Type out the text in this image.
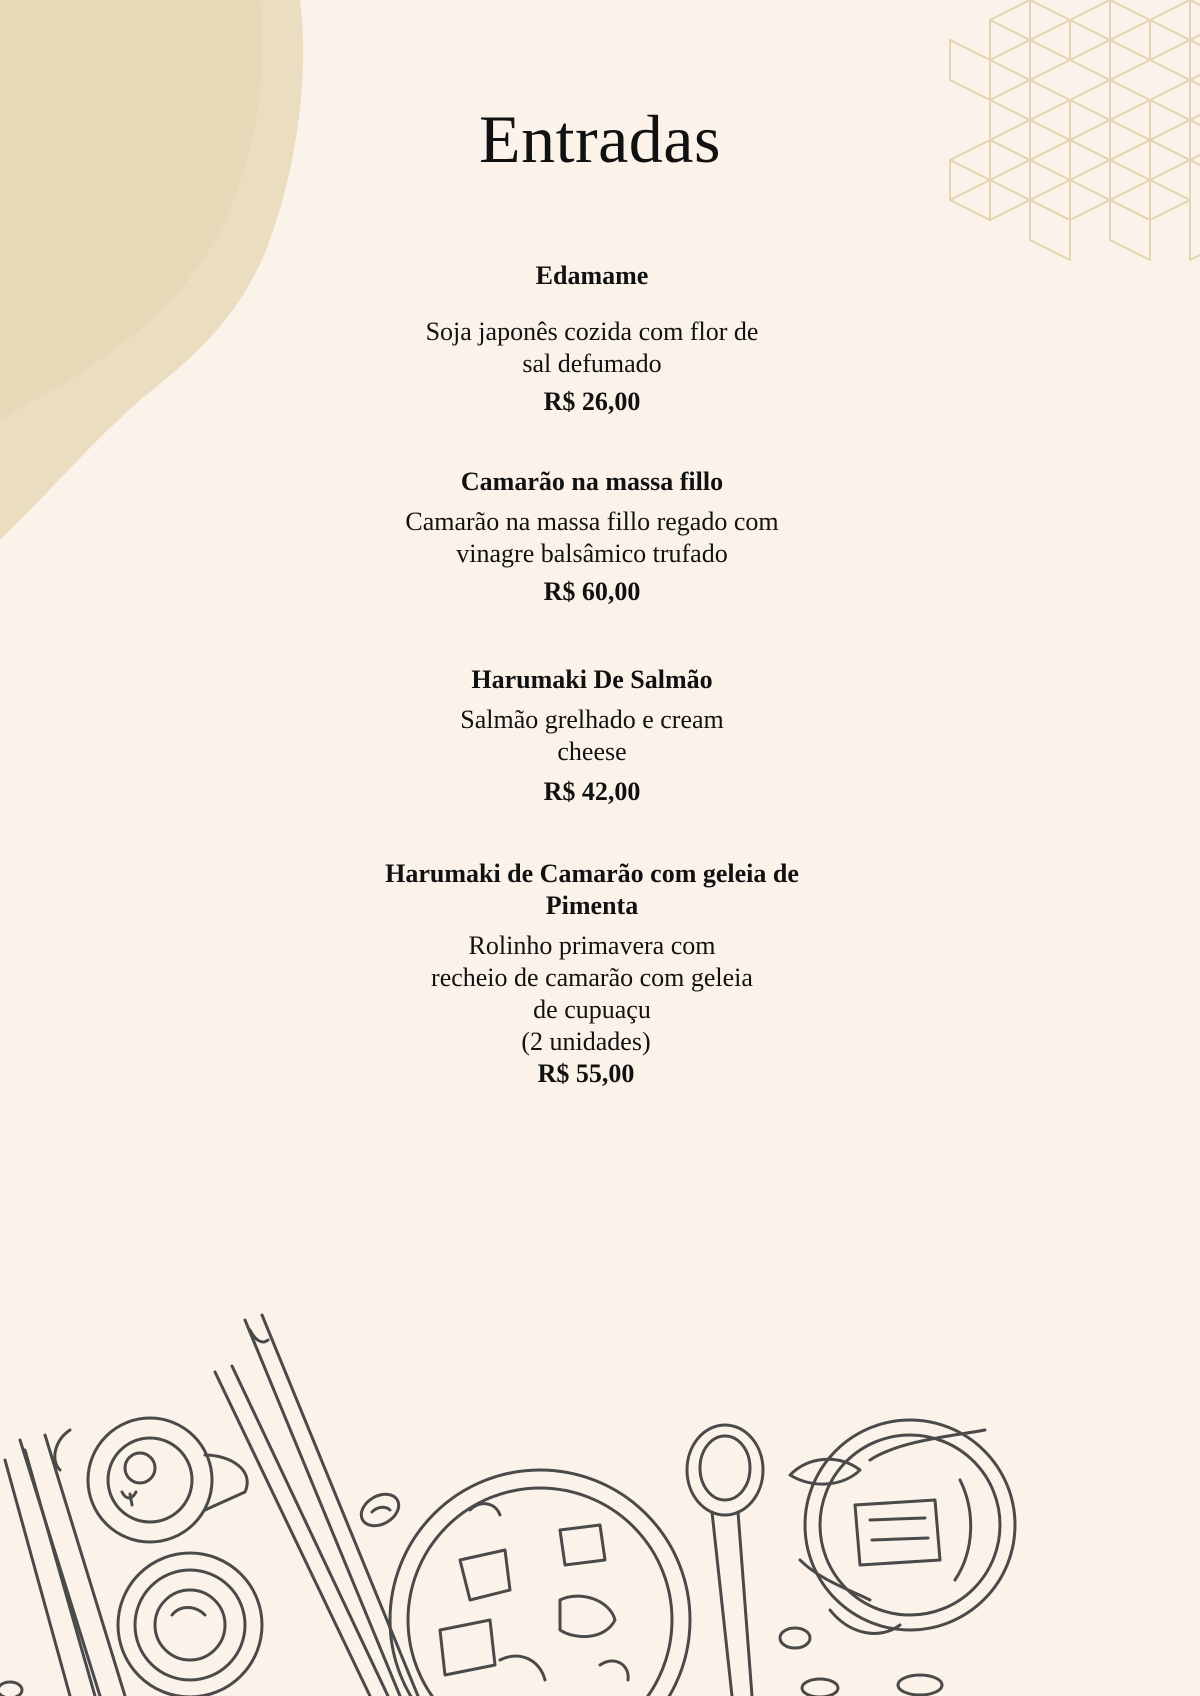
Entradas

Edamame

Soja japonês cozida com flor de

sal defumado

R$ 26,00

Camarão na massa fillo

Camarão na massa fillo regado com

vinagre balsâmico trufado

R$ 60,00

Harumaki De Salmão

Salmão grelhado e cream

cheese

R$ 42,00

Harumaki de Camarão com geleia de

Pimenta

Rolinho primavera com

recheio de camarão com geleia

de cupuaçu

(2 unidades)

R$ 55,00
